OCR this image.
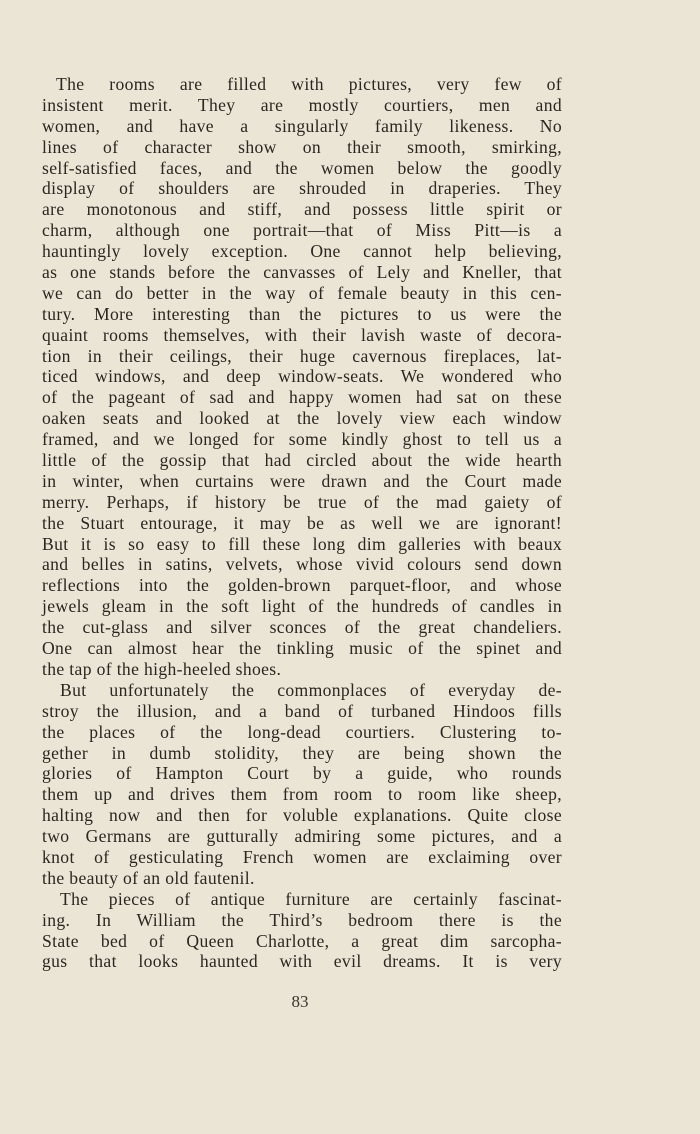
The rooms are filled with pictures, very few of
insistent merit. They are mostly courtiers, men and
women, and have a singularly family likeness. No
lines of character show on their smooth, smirking,
self-satisfied faces, and the women below the goodly
display of shoulders are shrouded in draperies. They
are monotonous and stiff, and possess little spirit or
charm, although one portrait—that of Miss Pitt—is a
hauntingly lovely exception. One cannot help believing,
as one stands before the canvasses of Lely and Kneller, that
we can do better in the way of female beauty in this cen-
tury. More interesting than the pictures to us were the
quaint rooms themselves, with their lavish waste of decora-
tion in their ceilings, their huge cavernous fireplaces, lat-
ticed windows, and deep window-seats. We wondered who
of the pageant of sad and happy women had sat on these
oaken seats and looked at the lovely view each window
framed, and we longed for some kindly ghost to tell us a
little of the gossip that had circled about the wide hearth
in winter, when curtains were drawn and the Court made
merry. Perhaps, if history be true of the mad gaiety of
the Stuart entourage, it may be as well we are ignorant!
But it is so easy to fill these long dim galleries with beaux
and belles in satins, velvets, whose vivid colours send down
reflections into the golden-brown parquet-floor, and whose
jewels gleam in the soft light of the hundreds of candles in
the cut-glass and silver sconces of the great chandeliers.
One can almost hear the tinkling music of the spinet and
the tap of the high-heeled shoes.
But unfortunately the commonplaces of everyday de-
stroy the illusion, and a band of turbaned Hindoos fills
the places of the long-dead courtiers. Clustering to-
gether in dumb stolidity, they are being shown the
glories of Hampton Court by a guide, who rounds
them up and drives them from room to room like sheep,
halting now and then for voluble explanations. Quite close
two Germans are gutturally admiring some pictures, and a
knot of gesticulating French women are exclaiming over
the beauty of an old fautenil.
The pieces of antique furniture are certainly fascinat-
ing. In William the Third’s bedroom there is the
State bed of Queen Charlotte, a great dim sarcopha-
gus that looks haunted with evil dreams. It is very
83
